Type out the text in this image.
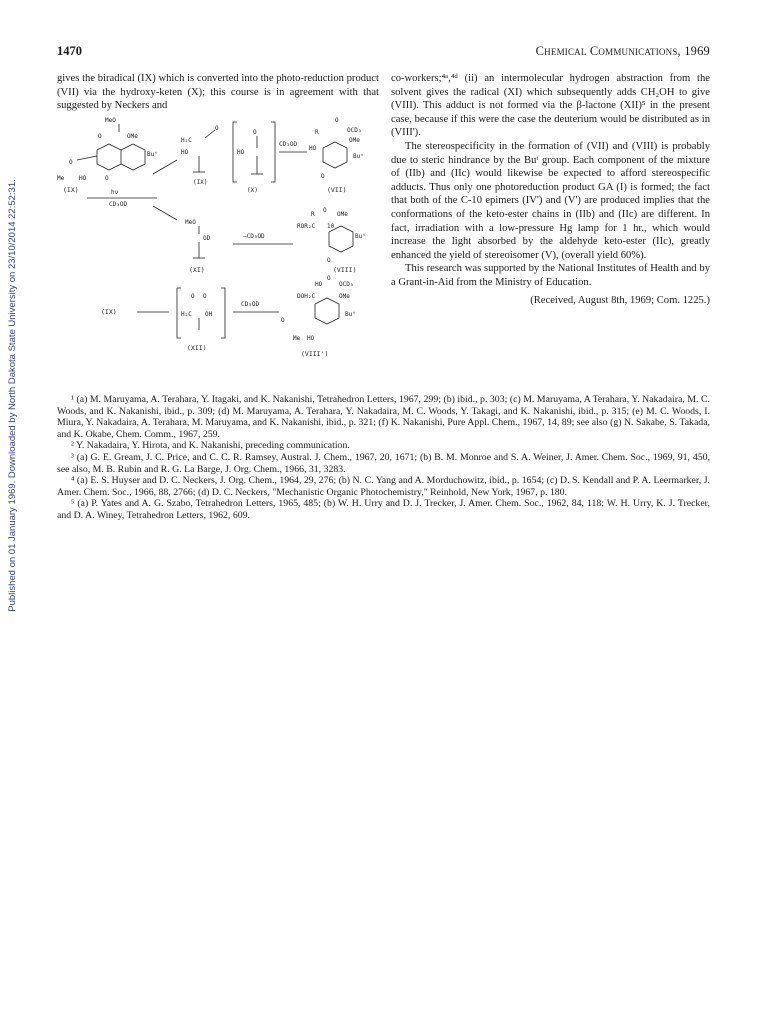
Published on 01 January 1969. Downloaded by North Dakota State University on 23/10/2014 22:52:31.
1470	Chemical Communications, 1969

gives the biradical (IX) which is converted into the photo-reduction product (VII) via the hydroxy-keten (X); this course is in agreement with that suggested by Neckers and

MeO
O	OMe
Buᵗ
O
Me HO	O
(IX)	hν
CD₃OD
H₂C
HO
O
(IX)
O
HO
(X)
CD₃OD
O
OCD₃
R
OMe
HO
Buᵗ
O
(VII)
MeO
OD
(XI)
–CD₃OD
R
O
OMe
ROR₂C 10
Buᵗ
O
(VIII)
(IX)
O O
H₂C OH
(XII)
CD₃OD
HO
O
OCD₃
DOH₂C	OMe
Buᵗ
O
Me HO
(VIII')

co-workers;⁴ᵃ,⁴ᵈ (ii) an intermolecular hydrogen abstraction from the solvent gives the radical (XI) which subsequently adds CH₂OH to give (VIII). This adduct is not formed via the β-lactone (XII)⁵ in the present case, because if this were the case the deuterium would be distributed as in (VIII').

The stereospecificity in the formation of (VII) and (VIII) is probably due to steric hindrance by the Buᵗ group. Each component of the mixture of (IIb) and (IIc) would likewise be expected to afford stereospecific adducts. Thus only one photoreduction product GA (I) is formed; the fact that both of the C-10 epimers (IV') and (V') are produced implies that the conformations of the keto-ester chains in (IIb) and (IIc) are different. In fact, irradiation with a low-pressure Hg lamp for 1 hr., which would increase the light absorbed by the aldehyde keto-ester (IIc), greatly enhanced the yield of stereoisomer (V), (overall yield 60%).

This research was supported by the National Institutes of Health and by a Grant-in-Aid from the Ministry of Education.

(Received, August 8th, 1969; Com. 1225.)

¹ (a) M. Maruyama, A. Terahara, Y. Itagaki, and K. Nakanishi, Tetrahedron Letters, 1967, 299; (b) ibid., p. 303; (c) M. Maruyama, A Terahara, Y. Nakadaira, M. C. Woods, and K. Nakanishi, ibid., p. 309; (d) M. Maruyama, A. Terahara, Y. Nakadaira, M. C. Woods, Y. Takagi, and K. Nakanishi, ibid., p. 315; (e) M. C. Woods, I. Miura, Y. Nakadaira, A. Terahara, M. Maruyama, and K. Nakanishi, ibid., p. 321; (f) K. Nakanishi, Pure Appl. Chem., 1967, 14, 89; see also (g) N. Sakabe, S. Takada, and K. Okabe, Chem. Comm., 1967, 259.

² Y. Nakadaira, Y. Hirota, and K. Nakanishi, preceding communication.

³ (a) G. E. Gream, J. C. Price, and C. C. R. Ramsey, Austral. J. Chem., 1967, 20, 1671; (b) B. M. Monroe and S. A. Weiner, J. Amer. Chem. Soc., 1969, 91, 450, see also, M. B. Rubin and R. G. La Barge, J. Org. Chem., 1966, 31, 3283.

⁴ (a) E. S. Huyser and D. C. Neckers, J. Org. Chem., 1964, 29, 276; (b) N. C. Yang and A. Morduchowitz, ibid., p. 1654; (c) D. S. Kendall and P. A. Leermarker, J. Amer. Chem. Soc., 1966, 88, 2766; (d) D. C. Neckers, "Mechanistic Organic Photochemistry," Reinhold, New York, 1967, p. 180.

⁵ (a) P. Yates and A. G. Szabo, Tetrahedron Letters, 1965, 485; (b) W. H. Urry and D. J. Trecker, J. Amer. Chem. Soc., 1962, 84, 118; W. H. Urry, K. J. Trecker, and D. A. Winey, Tetrahedron Letters, 1962, 609.
